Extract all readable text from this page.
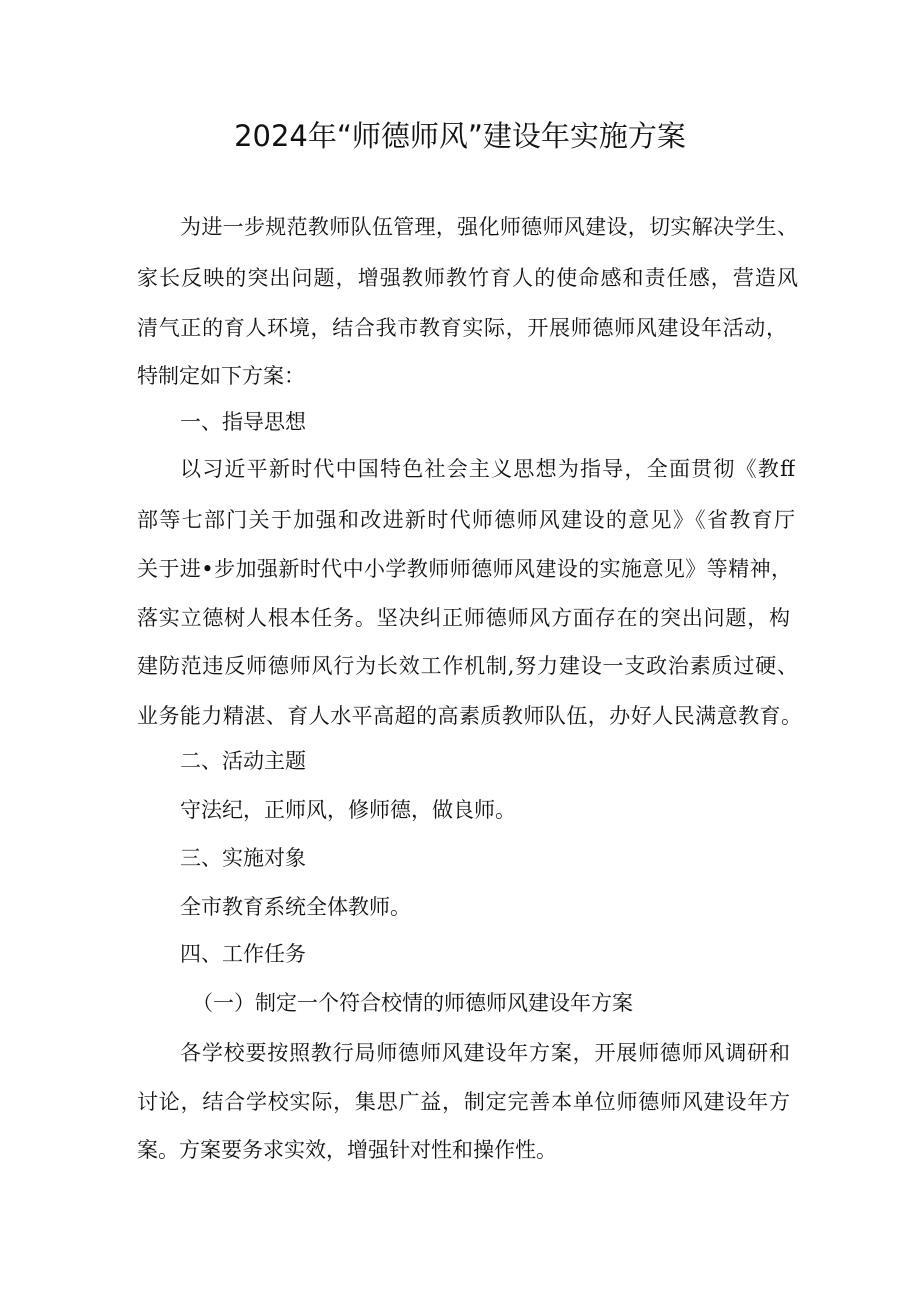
2024年“师德师风”建设年实施方案
为进一步规范教师队伍管理，强化师德师风建设，切实解决学生、
家长反映的突出问题，增强教师教竹育人的使命感和责任感，营造风
清气正的育人环境，结合我市教育实际，开展师德师风建设年活动，
特制定如下方案：
一、指导思想
以习近平新时代中国特色社会主义思想为指导，全面贯彻《教ff
部等七部门关于加强和改进新时代师德师风建设的意见》《省教育厅
关于进•步加强新时代中小学教师师德师风建设的实施意见》等精神，
落实立德树人根本任务。坚决纠正师德师风方面存在的突出问题，构
建防范违反师德师风行为长效工作机制,努力建设一支政治素质过硬、
业务能力精湛、育人水平高超的高素质教师队伍，办好人民满意教育。
二、活动主题
守法纪，正师风，修师德，做良师。
三、实施对象
全市教育系统全体教师。
四、工作任务
（一）制定一个符合校情的师德师风建设年方案
各学校要按照教行局师德师风建设年方案，开展师德师风调研和
讨论，结合学校实际，集思广益，制定完善本单位师德师风建设年方
案。方案要务求实效，增强针对性和操作性。
